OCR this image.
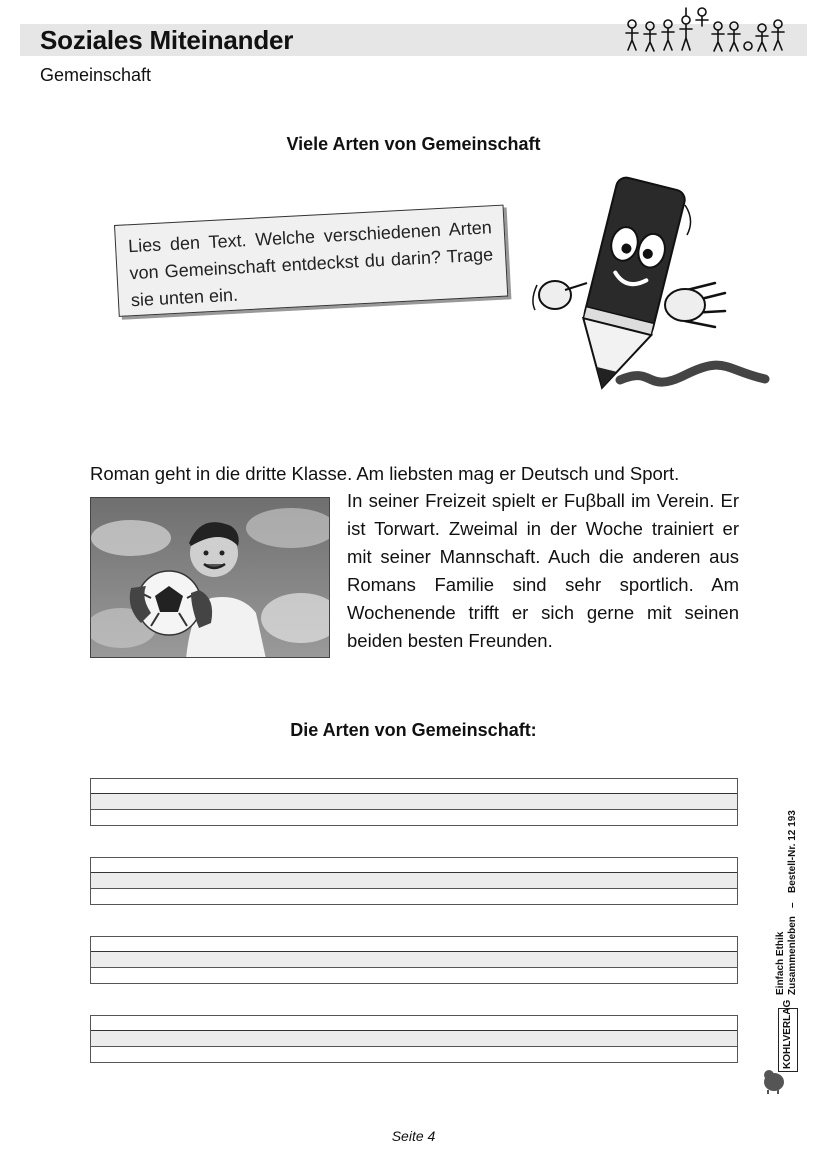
Soziales Miteinander
Gemeinschaft
Viele Arten von Gemeinschaft
Lies den Text. Welche verschiedenen Arten von Gemeinschaft entdeckst du darin? Trage sie unten ein.
Roman geht in die dritte Klasse. Am liebsten mag er Deutsch und Sport.
In seiner Freizeit spielt er Fuβball im Verein. Er ist Torwart. Zweimal in der Woche trainiert er mit seiner Mannschaft. Auch die anderen aus Romans Familie sind sehr sportlich. Am Wochenende trifft er sich gerne mit seinen beiden besten Freunden.
Die Arten von Gemeinschaft:
Einfach Ethik Zusammenleben
–
Bestell-Nr. 12 193
KOHLVERLAG
Seite 4
